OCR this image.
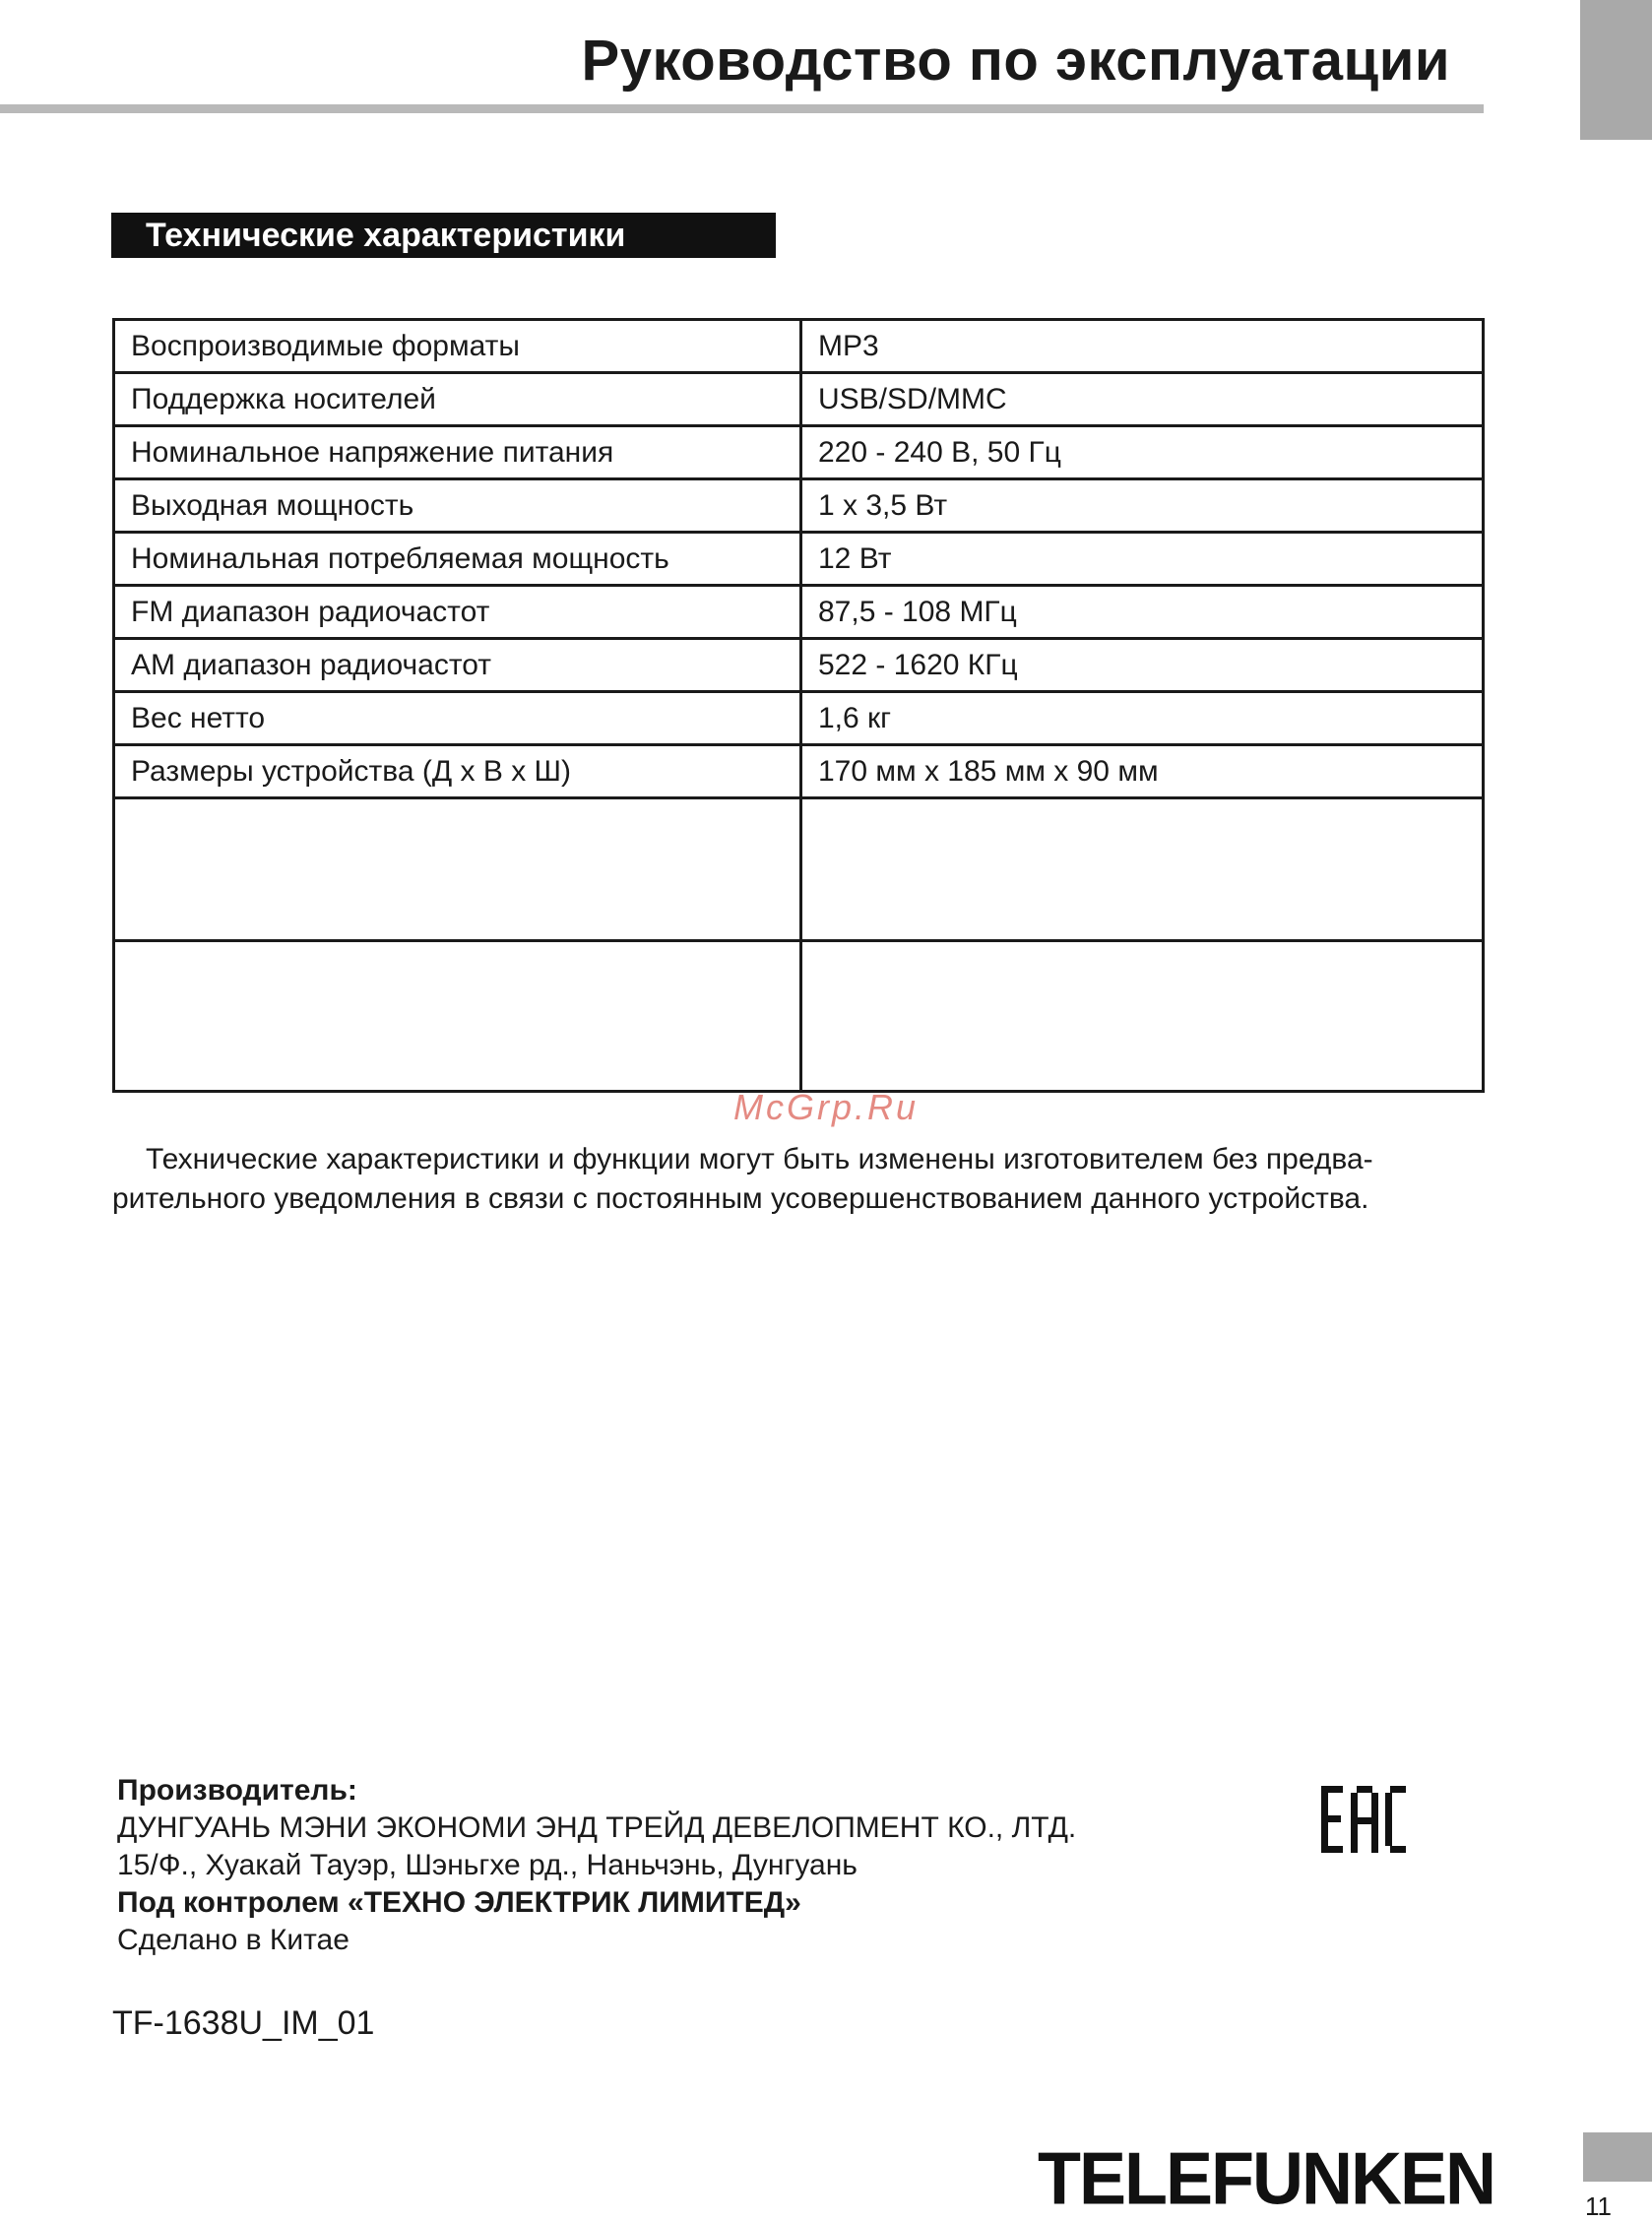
Руководство по эксплуатации
Технические характеристики
Воспроизводимые форматы	MP3
Поддержка носителей	USB/SD/MMC
Номинальное напряжение питания	220 - 240 В, 50 Гц
Выходная мощность	1 х 3,5 Вт
Номинальная потребляемая мощность	12 Вт
FM диапазон радиочастот	87,5 - 108 МГц
AM диапазон радиочастот	522 - 1620 КГц
Вес нетто	1,6 кг
Размеры устройства (Д х В х Ш)	170 мм х 185 мм х 90 мм

McGrp.Ru
Технические характеристики и функции могут быть изменены изготовителем без предва-
рительного уведомления в связи с постоянным усовершенствованием данного устройства.
Производитель:
ДУНГУАНЬ МЭНИ ЭКОНОМИ ЭНД ТРЕЙД ДЕВЕЛОПМЕНТ КО., ЛТД.
15/Ф., Хуакай Тауэр, Шэньгхе рд., Наньчэнь, Дунгуань
Под контролем «ТЕХНО ЭЛЕКТРИК ЛИМИТЕД»
Сделано в Китае
TF-1638U_IM_01
TELEFUNKEN	11
